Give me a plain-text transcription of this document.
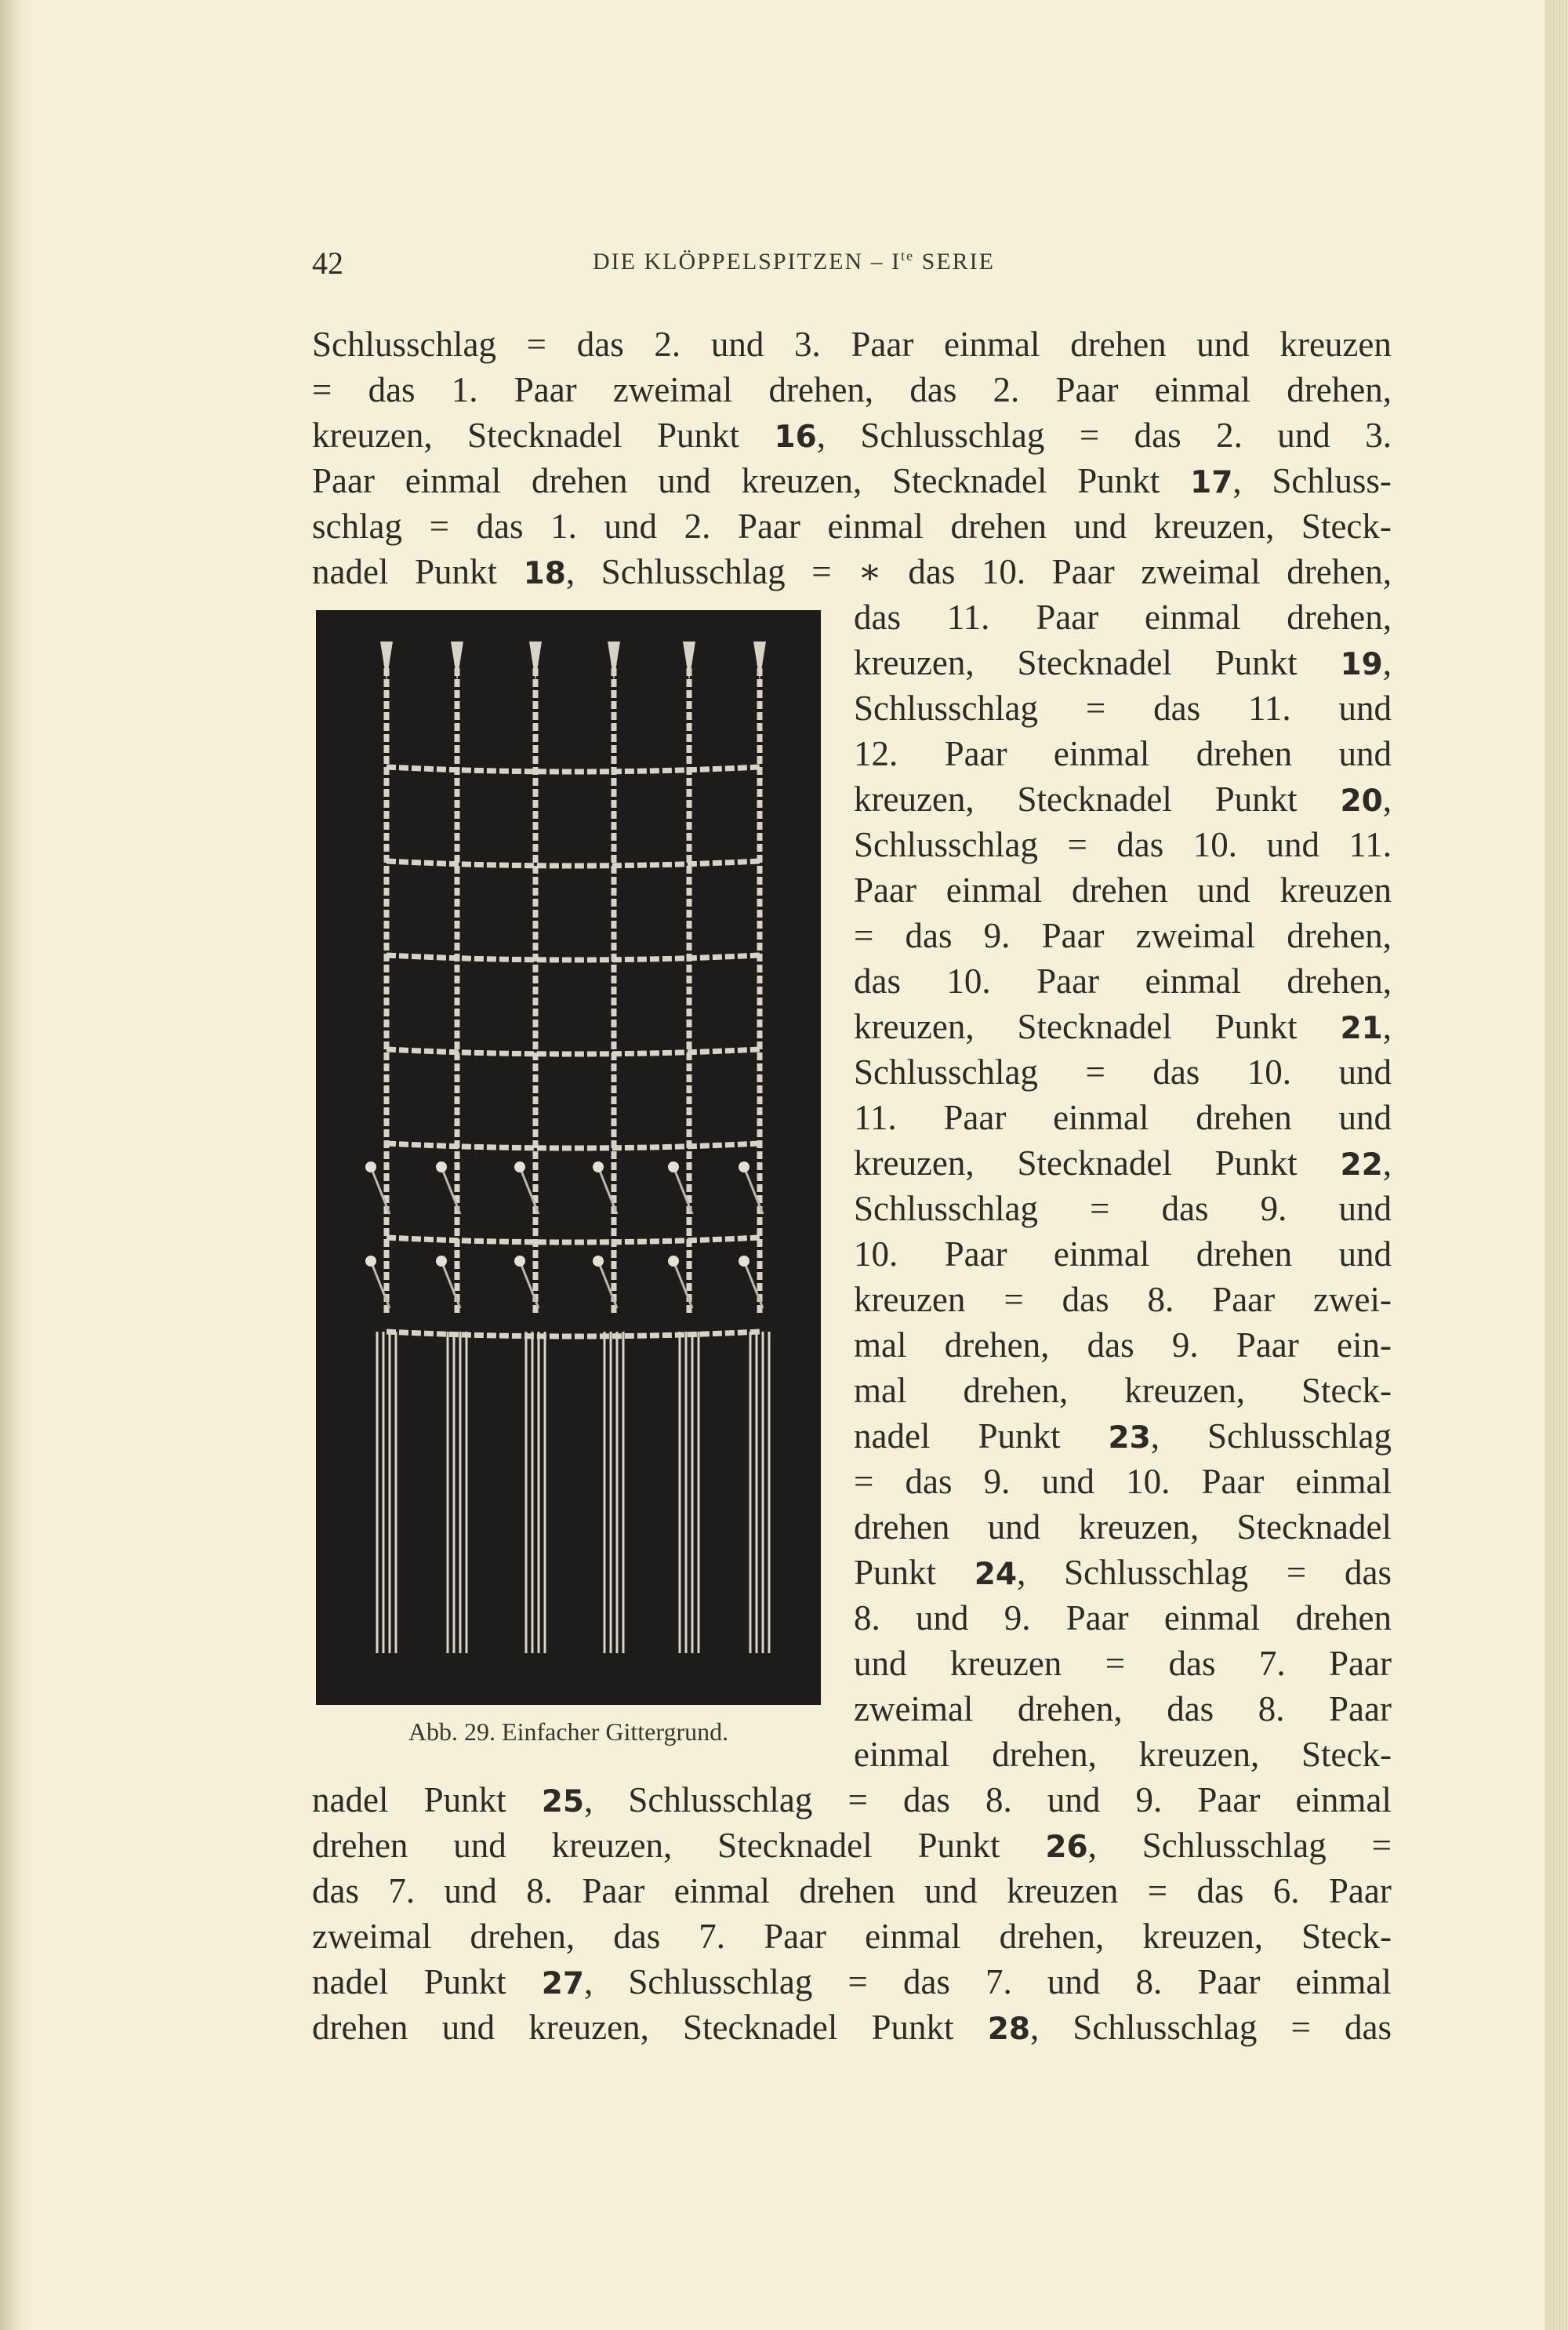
42	DIE KLÖPPELSPITZEN – $I^{te}$ SERIE
Schlusschlag = das 2. und 3. Paar einmal drehen und kreuzen
= das 1. Paar zweimal drehen, das 2. Paar einmal drehen,
kreuzen, Stecknadel Punkt 16, Schlusschlag = das 2. und 3.
Paar einmal drehen und kreuzen, Stecknadel Punkt 17, Schluss-
schlag = das 1. und 2. Paar einmal drehen und kreuzen, Steck-
nadel Punkt 18, Schlusschlag = ∗ das 10. Paar zweimal drehen,
Abb. 29. Einfacher Gittergrund.
das 11. Paar einmal drehen,
kreuzen, Stecknadel Punkt 19,
Schlusschlag = das 11. und
12. Paar einmal drehen und
kreuzen, Stecknadel Punkt 20,
Schlusschlag = das 10. und 11.
Paar einmal drehen und kreuzen
= das 9. Paar zweimal drehen,
das 10. Paar einmal drehen,
kreuzen, Stecknadel Punkt 21,
Schlusschlag = das 10. und
11. Paar einmal drehen und
kreuzen, Stecknadel Punkt 22,
Schlusschlag = das 9. und
10. Paar einmal drehen und
kreuzen = das 8. Paar zwei-
mal drehen, das 9. Paar ein-
mal drehen, kreuzen, Steck-
nadel Punkt 23, Schlusschlag
= das 9. und 10. Paar einmal
drehen und kreuzen, Stecknadel
Punkt 24, Schlusschlag = das
8. und 9. Paar einmal drehen
und kreuzen = das 7. Paar
zweimal drehen, das 8. Paar
einmal drehen, kreuzen, Steck-
nadel Punkt 25, Schlusschlag = das 8. und 9. Paar einmal
drehen und kreuzen, Stecknadel Punkt 26, Schlusschlag =
das 7. und 8. Paar einmal drehen und kreuzen = das 6. Paar
zweimal drehen, das 7. Paar einmal drehen, kreuzen, Steck-
nadel Punkt 27, Schlusschlag = das 7. und 8. Paar einmal
drehen und kreuzen, Stecknadel Punkt 28, Schlusschlag = das
